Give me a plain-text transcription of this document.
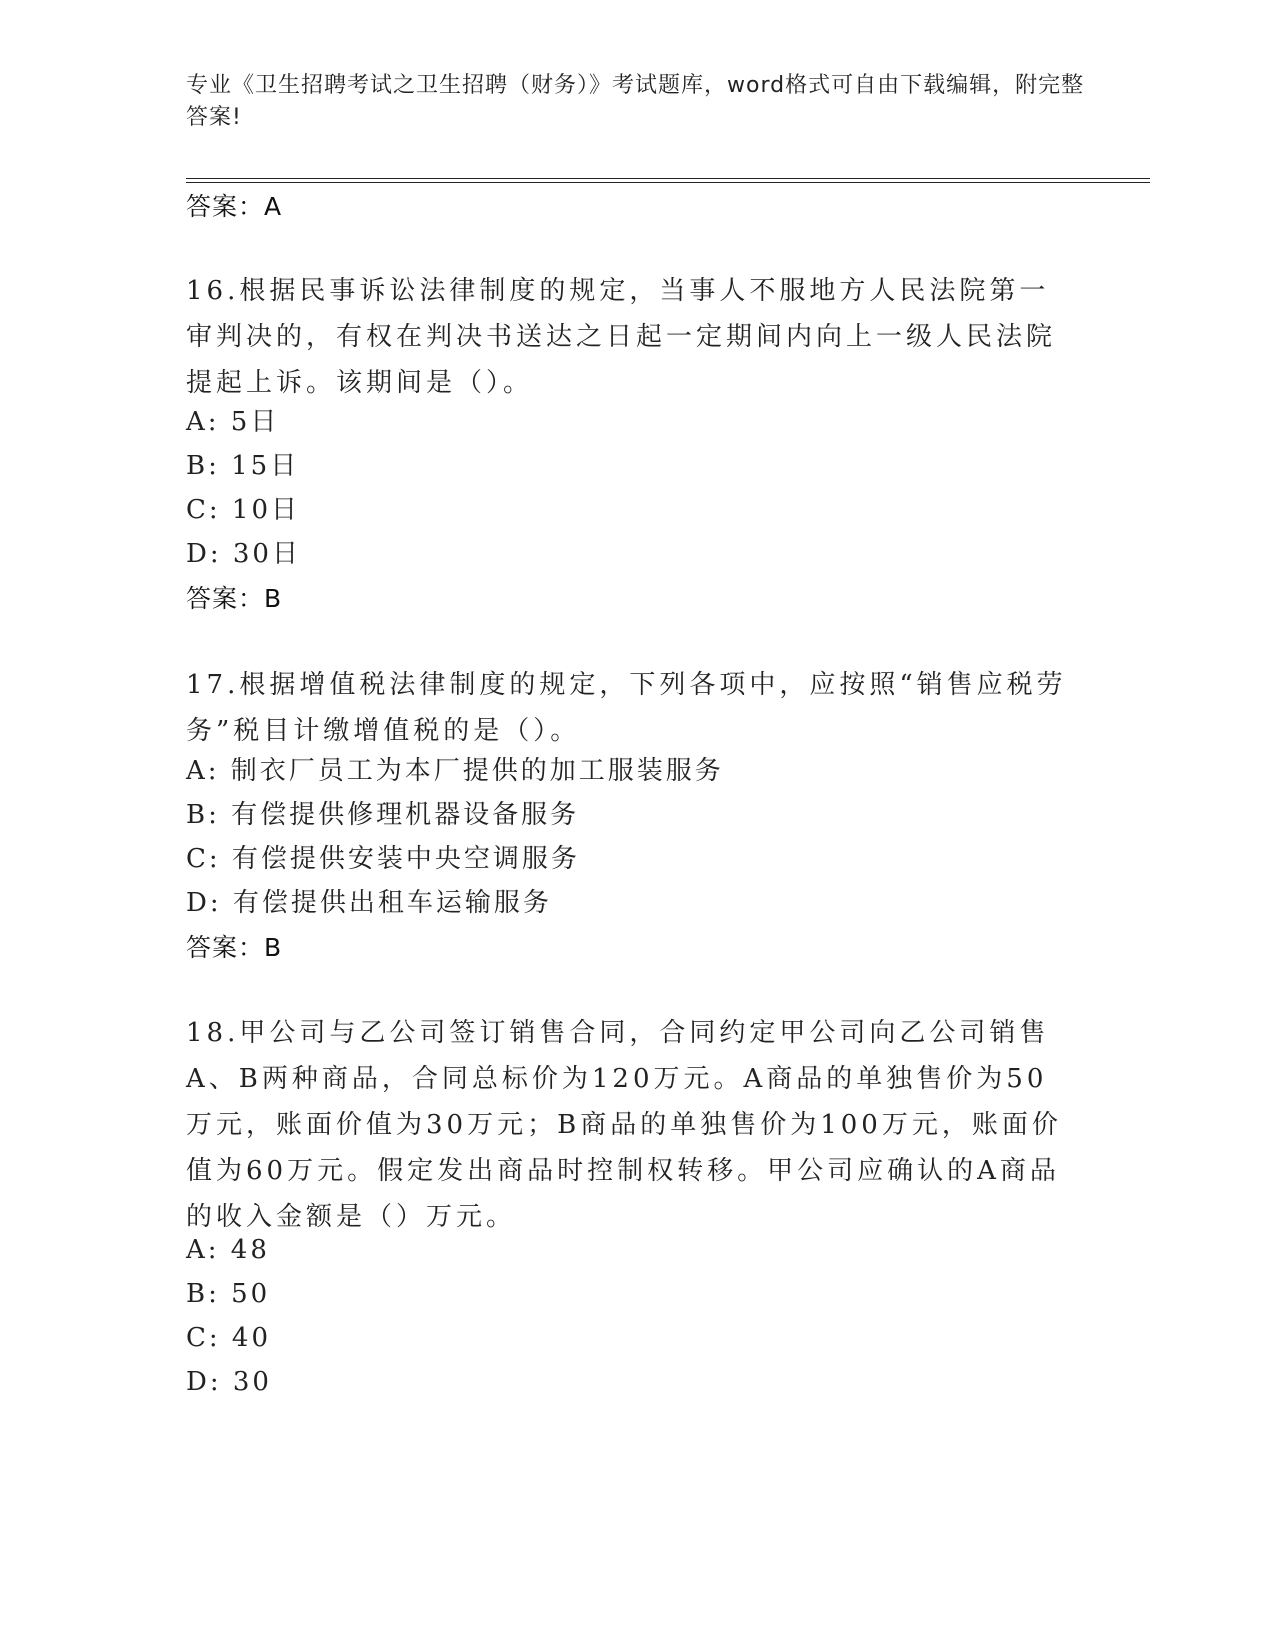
专业《卫生招聘考试之卫生招聘（财务）》考试题库，word格式可自由下载编辑，附完整答案!
答案：A
16.根据民事诉讼法律制度的规定，当事人不服地方人民法院第一审判决的，有权在判决书送达之日起一定期间内向上一级人民法院提起上诉。该期间是（）。
A: 5日
B: 15日
C: 10日
D: 30日
答案：B
17.根据增值税法律制度的规定，下列各项中，应按照“销售应税劳务”税目计缴增值税的是（）。
A: 制衣厂员工为本厂提供的加工服装服务
B: 有偿提供修理机器设备服务
C: 有偿提供安装中央空调服务
D: 有偿提供出租车运输服务
答案：B
18.甲公司与乙公司签订销售合同，合同约定甲公司向乙公司销售A、B两种商品，合同总标价为120万元。A商品的单独售价为50万元，账面价值为30万元；B商品的单独售价为100万元，账面价值为60万元。假定发出商品时控制权转移。甲公司应确认的A商品的收入金额是（）万元。
A: 48
B: 50
C: 40
D: 30
